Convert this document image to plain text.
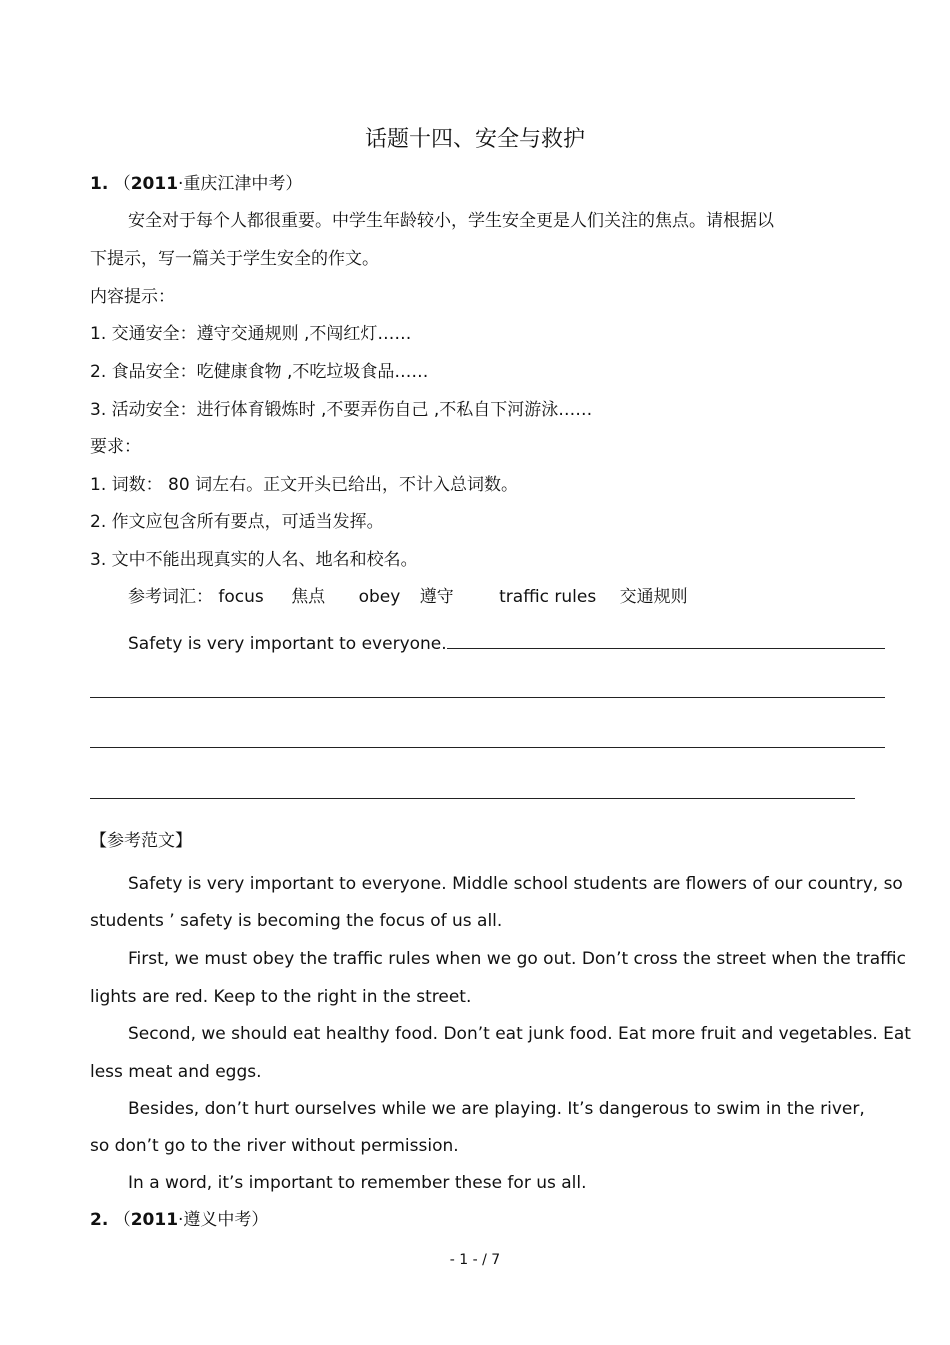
话题十四、安全与救护
1. （2011·重庆江津中考）
安全对于每个人都很重要。中学生年龄较小，学生安全更是人们关注的焦点。请根据以
下提示，写一篇关于学生安全的作文。
内容提示：
1. 交通安全：遵守交通规则 ,不闯红灯……
2. 食品安全：吃健康食物 ,不吃垃圾食品……
3. 活动安全：进行体育锻炼时 ,不要弄伤自己 ,不私自下河游泳……
要求：
1. 词数： 80 词左右。正文开头已给出，不计入总词数。
2. 作文应包含所有要点，可适当发挥。
3. 文中不能出现真实的人名、地名和校名。
参考词汇： focus 焦点 obey 遵守	traffic rules 交通规则
Safety is very important to everyone.
【参考范文】
Safety is very important to everyone. Middle school students are flowers of our country, so
students ’ safety is becoming the focus of us all.
First, we must obey the traffic rules when we go out. Don’t cross the street when the traffic
lights are red. Keep to the right in the street.
Second, we should eat healthy food. Don’t eat junk food. Eat more fruit and vegetables. Eat
less meat and eggs.
Besides, don’t hurt ourselves while we are playing. It’s dangerous to swim in the river,
so don’t go to the river without permission.
In a word, it’s important to remember these for us all.
2. （2011·遵义中考）
- 1 - / 7
